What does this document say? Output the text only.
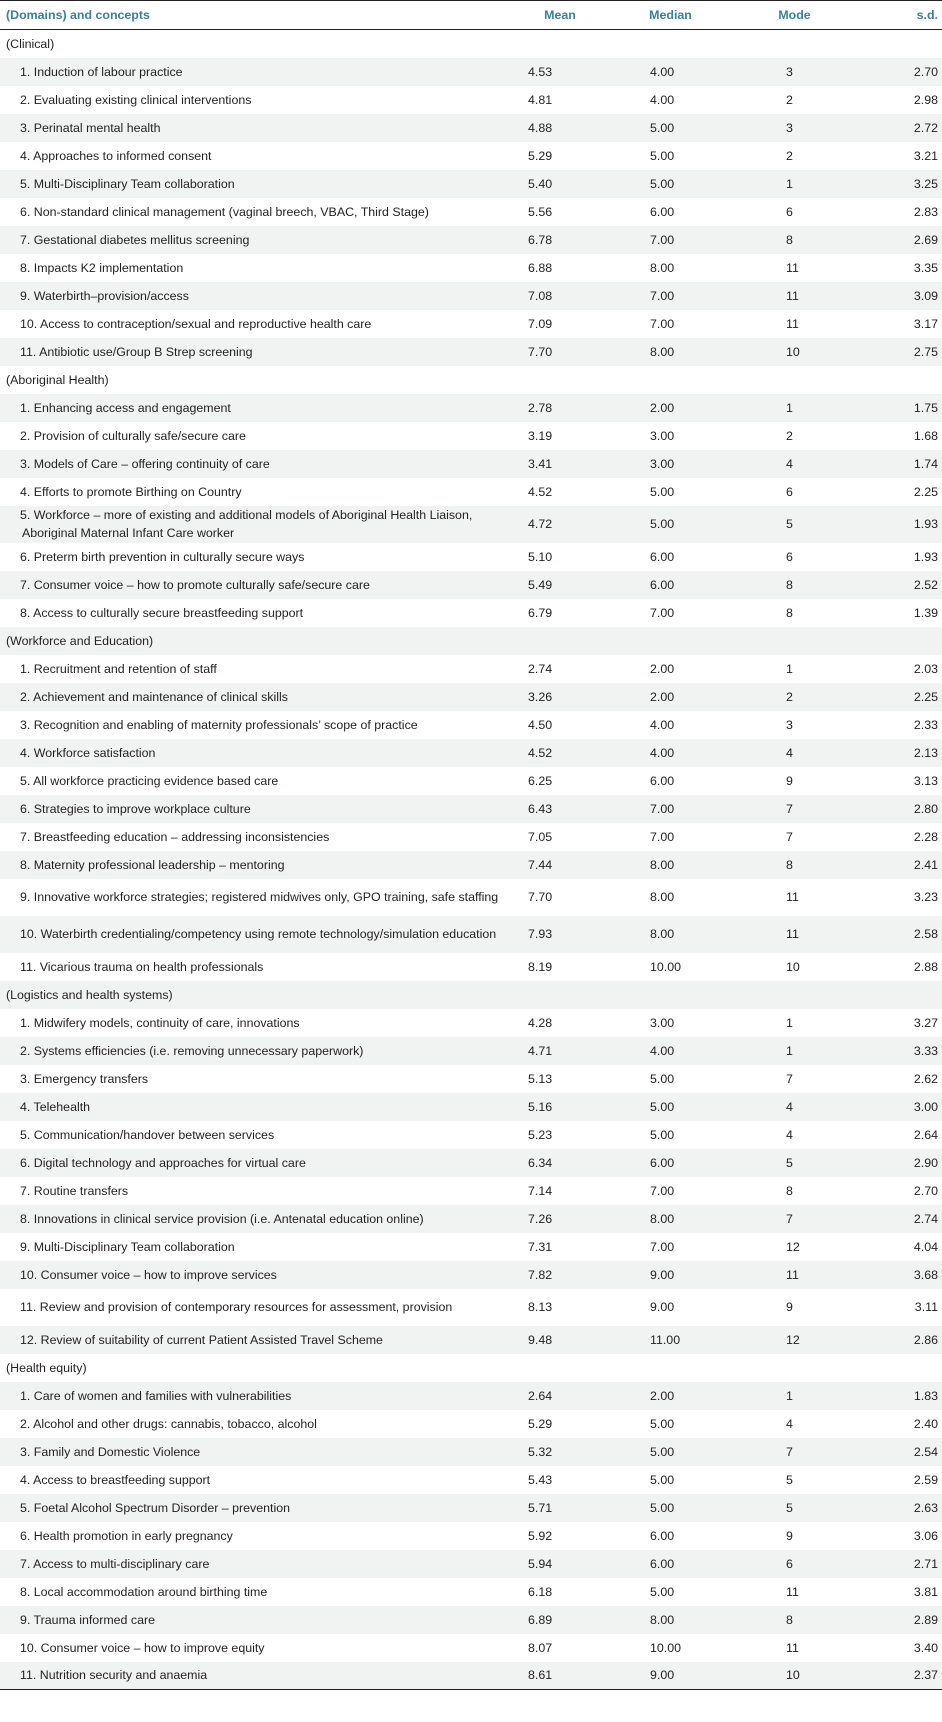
(Domains) and concepts	Mean	Median	Mode	s.d.
(Clinical)				
1. Induction of labour practice	4.53	4.00	3	2.70
2. Evaluating existing clinical interventions	4.81	4.00	2	2.98
3. Perinatal mental health	4.88	5.00	3	2.72
4. Approaches to informed consent	5.29	5.00	2	3.21
5. Multi-Disciplinary Team collaboration	5.40	5.00	1	3.25
6. Non-standard clinical management (vaginal breech, VBAC, Third Stage)	5.56	6.00	6	2.83
7. Gestational diabetes mellitus screening	6.78	7.00	8	2.69
8. Impacts K2 implementation	6.88	8.00	11	3.35
9. Waterbirth–provision/access	7.08	7.00	11	3.09
10. Access to contraception/sexual and reproductive health care	7.09	7.00	11	3.17
11. Antibiotic use/Group B Strep screening	7.70	8.00	10	2.75
(Aboriginal Health)				
1. Enhancing access and engagement	2.78	2.00	1	1.75
2. Provision of culturally safe/secure care	3.19	3.00	2	1.68
3. Models of Care – offering continuity of care	3.41	3.00	4	1.74
4. Efforts to promote Birthing on Country	4.52	5.00	6	2.25
5. Workforce – more of existing and additional models of Aboriginal Health Liaison, Aboriginal Maternal Infant Care worker	4.72	5.00	5	1.93
6. Preterm birth prevention in culturally secure ways	5.10	6.00	6	1.93
7. Consumer voice – how to promote culturally safe/secure care	5.49	6.00	8	2.52
8. Access to culturally secure breastfeeding support	6.79	7.00	8	1.39
(Workforce and Education)				
1. Recruitment and retention of staff	2.74	2.00	1	2.03
2. Achievement and maintenance of clinical skills	3.26	2.00	2	2.25
3. Recognition and enabling of maternity professionals’ scope of practice	4.50	4.00	3	2.33
4. Workforce satisfaction	4.52	4.00	4	2.13
5. All workforce practicing evidence based care	6.25	6.00	9	3.13
6. Strategies to improve workplace culture	6.43	7.00	7	2.80
7. Breastfeeding education – addressing inconsistencies	7.05	7.00	7	2.28
8. Maternity professional leadership – mentoring	7.44	8.00	8	2.41
9. Innovative workforce strategies; registered midwives only, GPO training, safe staffing	7.70	8.00	11	3.23
10. Waterbirth credentialing/competency using remote technology/simulation education	7.93	8.00	11	2.58
11. Vicarious trauma on health professionals	8.19	10.00	10	2.88
(Logistics and health systems)				
1. Midwifery models, continuity of care, innovations	4.28	3.00	1	3.27
2. Systems efficiencies (i.e. removing unnecessary paperwork)	4.71	4.00	1	3.33
3. Emergency transfers	5.13	5.00	7	2.62
4. Telehealth	5.16	5.00	4	3.00
5. Communication/handover between services	5.23	5.00	4	2.64
6. Digital technology and approaches for virtual care	6.34	6.00	5	2.90
7. Routine transfers	7.14	7.00	8	2.70
8. Innovations in clinical service provision (i.e. Antenatal education online)	7.26	8.00	7	2.74
9. Multi-Disciplinary Team collaboration	7.31	7.00	12	4.04
10. Consumer voice – how to improve services	7.82	9.00	11	3.68
11. Review and provision of contemporary resources for assessment, provision	8.13	9.00	9	3.11
12. Review of suitability of current Patient Assisted Travel Scheme	9.48	11.00	12	2.86
(Health equity)				
1. Care of women and families with vulnerabilities	2.64	2.00	1	1.83
2. Alcohol and other drugs: cannabis, tobacco, alcohol	5.29	5.00	4	2.40
3. Family and Domestic Violence	5.32	5.00	7	2.54
4. Access to breastfeeding support	5.43	5.00	5	2.59
5. Foetal Alcohol Spectrum Disorder – prevention	5.71	5.00	5	2.63
6. Health promotion in early pregnancy	5.92	6.00	9	3.06
7. Access to multi-disciplinary care	5.94	6.00	6	2.71
8. Local accommodation around birthing time	6.18	5.00	11	3.81
9. Trauma informed care	6.89	8.00	8	2.89
10. Consumer voice – how to improve equity	8.07	10.00	11	3.40
11. Nutrition security and anaemia	8.61	9.00	10	2.37
